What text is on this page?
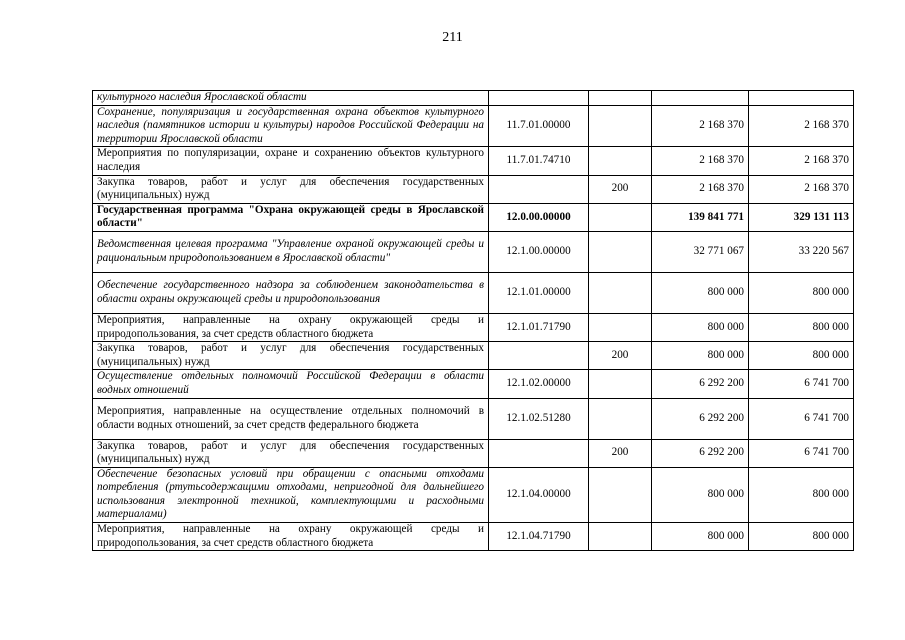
211
культурного наследия Ярославской области				
Сохранение, популяризация и государственная охрана объектов культурного наследия (памятников истории и культуры) народов Российской Федерации на территории Ярославской области	11.7.01.00000		2 168 370	2 168 370
Мероприятия по популяризации, охране и сохранению объектов культурного наследия	11.7.01.74710		2 168 370	2 168 370
Закупка товаров, работ и услуг для обеспечения государственных (муниципальных) нужд		200	2 168 370	2 168 370
Государственная программа "Охрана окружающей среды в Ярославской области"	12.0.00.00000		139 841 771	329 131 113
Ведомственная целевая программа "Управление охраной окружающей среды и рациональным природопользованием в Ярославской области"	12.1.00.00000		32 771 067	33 220 567
Обеспечение государственного надзора за соблюдением законодательства в области охраны окружающей среды и природопользования	12.1.01.00000		800 000	800 000
Мероприятия, направленные на охрану окружающей среды и природопользования, за счет средств областного бюджета	12.1.01.71790		800 000	800 000
Закупка товаров, работ и услуг для обеспечения государственных (муниципальных) нужд		200	800 000	800 000
Осуществление отдельных полномочий Российской Федерации в области водных отношений	12.1.02.00000		6 292 200	6 741 700
Мероприятия, направленные на осуществление отдельных полномочий в области водных отношений, за счет средств федерального бюджета	12.1.02.51280		6 292 200	6 741 700
Закупка товаров, работ и услуг для обеспечения государственных (муниципальных) нужд		200	6 292 200	6 741 700
Обеспечение безопасных условий при обращении с опасными отходами потребления (ртутьсодержащими отходами, непригодной для дальнейшего использования электронной техникой, комплектующими и расходными материалами)	12.1.04.00000		800 000	800 000
Мероприятия, направленные на охрану окружающей среды и природопользования, за счет средств областного бюджета	12.1.04.71790		800 000	800 000
